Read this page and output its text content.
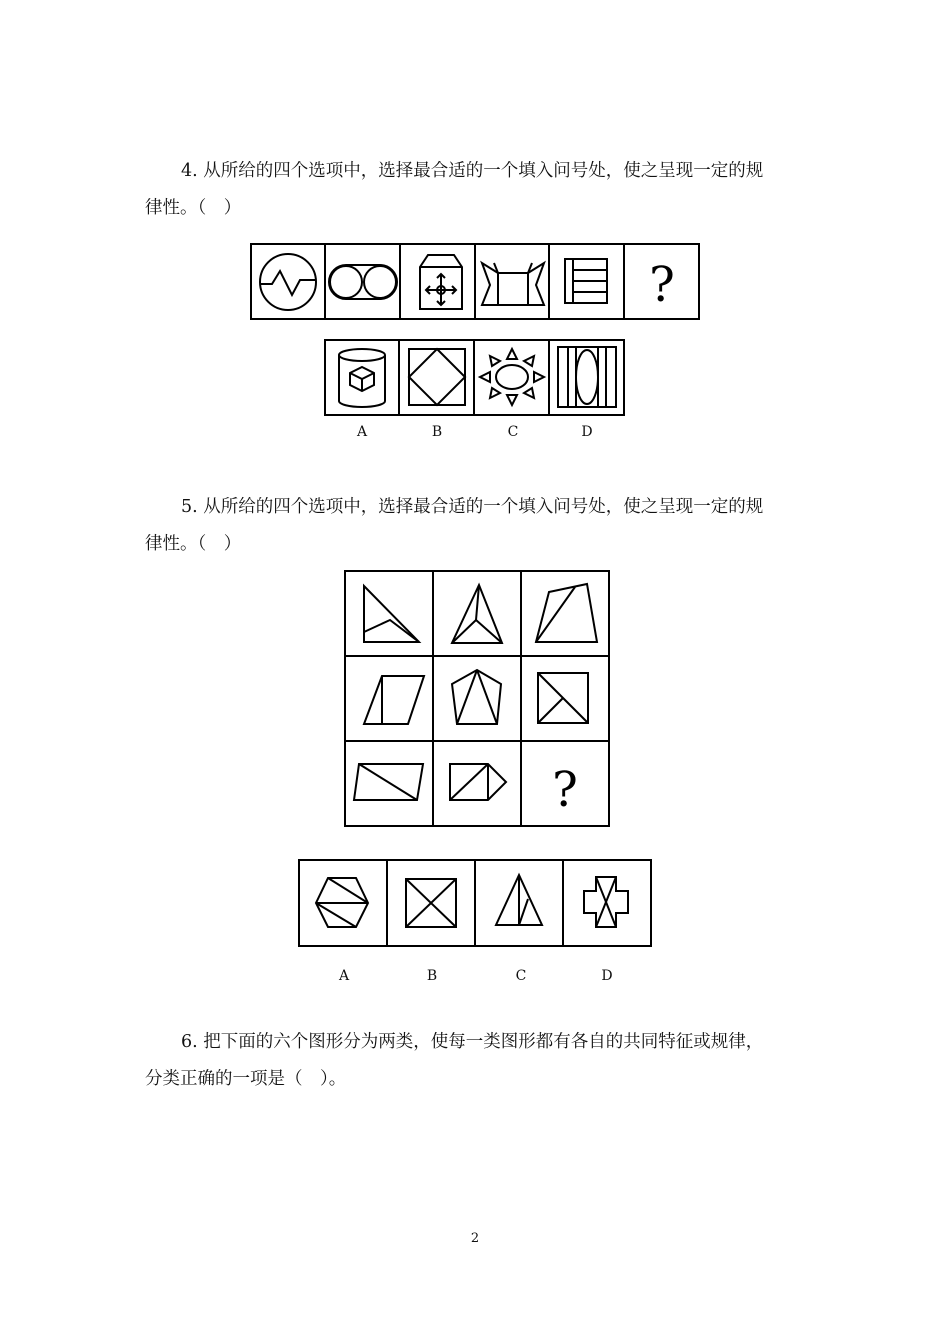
4. 从所给的四个选项中，选择最合适的一个填入问号处，使之呈现一定的规
律性。（　）
?
A	B	C	D
5. 从所给的四个选项中，选择最合适的一个填入问号处，使之呈现一定的规
律性。（　）
?
A	B	C	D
6. 把下面的六个图形分为两类，使每一类图形都有各自的共同特征或规律，
分类正确的一项是（　）。
2
